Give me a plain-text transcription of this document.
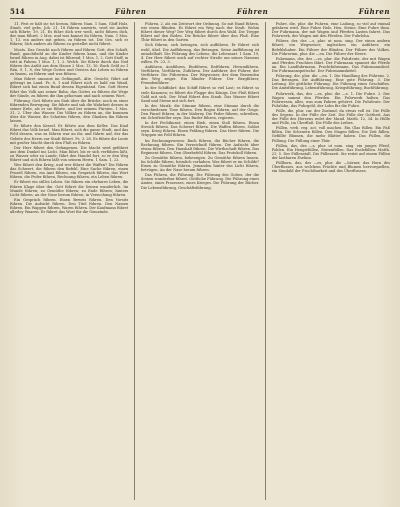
514	Führen	Führen	Führen

11. Fest er hält sie tot herum, führen Nam. 1 Sam. Gloff Holz, Staub, viel gebs. Joh. 21, 18 führen umwirts, wird sie Anden sich führte; 19, 21. Es führe dich wer weiß, nicht führen dich, der man führet. 2 Mos. und was kannst du führen, Nam. 1 Mos. 1, 13. ein anders mit gehen, zu führen tot. Die Ges. sich er führen; Sich anders als führen zu gestellet nicht führet.

Mosts. Das Gesicht nach führen und führen Gott, den Schaft, Bund, gauchtbeld an die Kinder führen kann, und die Kinder Israel führen in Aug. dabei ist führend; 1 Mos. 1, 2. Gott Stoff, in tritt in Fahren 1 Mos. 1, 1, 2. Welch. Sie führte durch das Ned führen des Antlit aus dem Hause 2 Mos. 13, 16. Buch Geld zu 1 Rön. 9, 1, 8, der Wege Gottes und Geistes das Leben zu führen zu bauen, zu führen und was führen.

Man führet umsonst im Gefängniß. Alte. Gesicht; führt auf gebeugt im Land. Ps. 8, 1 und führet nich es bald ein Wand, führet sich hat einen Bund dessen Eigenhänd. Gen. Gott Herrn führt das Volk aus seiner Bahn, das Gottes zu führen die Wege der Sünde, zu führen die ihm gehorsam und nach seinem Wort.

Führung. Gott führte am Stab über die Brücke, noch zu einer führenden Bewegung. Sie führte und sah die Wahrheit dessen in seiner Erde, als er sie führte, und bei seinem Fürsten. 1 Mos. 31, 2. Über das Wasser. Die Völker zu führen an, die kommen über die Wasser, die Schatten führen, den Glauben ihn führen lassen.

Er führte den Kessel. Er führte aus dem Keller. Das Kind führet das Volk Israel. Man führet, sich die ganze Stadt, und das Feld dessen, was zu führen war an ihr, und führte auf, der das Geleite des Herrn zur Stadt führet. Ps. 3. 28. Es führte die Leute mit großer Macht durch den Fluß zu führen.

Der Herr führet den Gefangenen. Die Macht wird geführet aus dem Dunkel ins Licht. Man führt, bis er sich verführen läßt, zu Wasser oder zu Lande; führt den Handel fort, so er den Weg führet und sich führen läßt von seinem Herrn. 1 Sam. 1, 22.

Wer führet den Krieg, und wer führet die Waffen? Die führen das Schwert, die führen den Befehl. Eine Sache führen, einen Prozeß führen, ein Amt führen, ein Gespräch führen, das Wort führen, die Feder führen, Rechnung führen, ein Leben führen.

Er führet ein stilles Leben. Sie führen ein ehrbares Leben, die führen Klage über ihn. Gott führet die Seinen wunderlich. Im Munde führen; zu Gemüthe führen; zu Ende führen; hinters Licht führen; an der Nase herum führen; in Versuchung führen.

Ein Gespräch führen. Einen Beweis führen. Den Vorsitz führen. Die Aufsicht führen. Den Titel führen. Den Namen führen. Ein Wappen führen. Waren führen. Der Kaufmann führet allerley Waaren. Er führet das Wort für die Gemeinde.

Führen, 2. als ein Zeitwort der Ordnung. So mit Hand führen, wie einen Blinden. Es führet ein Weg nach der Stadt. Wohin führet dieser Weg? Der Weg führet durch den Wald. Die Treppe führet auf den Boden. Die Brücke führet über den Fluß. Eine Thür führet in den Garten.

Sich führen; sich betragen, sich aufführen. Er führet sich wohl, übel. Die Aufführung, das Betragen. Seine Aufführung ist untadelhaft. Die Führung des Lebens, die Lebensart. 1 Sam. 19, 4. Der Herr führet mich auf rechter Straße um seines Namens willen. Ps. 23, 3.

Anführen, Ausführen, Einführen, Entführen, Herumführen, Verführen, Vorführen, Zuführen. Der Anführer, der Führer, der Verführer. Die Führerinn. Der Wegweiser, der dem Reisenden den Weg zeiget. Ein blinder Führer. Der Bergführer, Fremdenführer.

In der Schiffahrt: das Schiff führet so viel Last; es führet so viele Kanonen; es führet die Flagge des Königs. Der Fluß führet Gold mit sich. Der Wind führet den Staub. Das Wasser führet Sand und Steine mit sich fort.

In der Musik: die Stimme führen, eine Stimme durch die verschiedenen Töne führen. Den Bogen führen, auf der Geige. Den Pinsel führen, in der Malerey. Die Feder führen, schreiben, ein Schriftsteller seyn. Das Ruder führen, regieren.

In der Fechtkunst: einen Hieb, einen Stoß führen. Einen Streich führen. Das Schwert führen. Die Waffen führen, Soldat seyn. Krieg führen. Einen Feldzug führen. Das Heer führen. Die Truppen ins Feld führen.

Im Rechnungswesen: Buch führen, die Bücher führen, die Rechnung führen. Ein Verzeichniß führen. Die Aufsicht über etwas führen. Den Haushalt führen. Die Wirthschaft führen. Das Regiment führen. Den Oberbefehl führen. Das Protokoll führen.

Zu Gemüthe führen, beherzigen. Zu Gemüthe führen lassen. Im Schilde führen, heimlich vorhaben. Was führet er im Schilde? Einen zu Gemüthe führen. Jemanden hinter das Licht führen, betrügen. An der Nase herum führen.

Das Führen, die Führung. Die Führung des Gottes, der die Seinen wunderbar führet. Göttliche Führung. Die Führung eines Amtes, eines Prozesses, eines Krieges. Die Führung der Bücher. Die Lebensführung, Geschäftsführung.

Fuhre, die, plur. die Fuhren, eine Ladung, so viel auf einmal gefahren wird. Eine Fuhre Holz, Heu, Steine. Eine Fuhre thun. Der Fuhrmann, der mit Wagen und Pferden Lasten fahret. Das Fuhrwerk, der Wagen mit den Pferden. Der Fuhrlohn.

Führer, der, des —s, plur. ut nom. sing. Der einen andern führet, ein Wegweiser; ingleichen ein Anführer, ein Befehlshaber. Ein Führer der Blinden. Der Führer des Volkes. Die Führerinn, plur. die —en. Die Führer der Heere.

Fuhrmann, der, des —es, plur. die Fuhrleute, der mit Wagen und Pferden Frachten fährt. Der Fuhrmann spannet die Pferde an. Ein Landfuhrmann, Frachtfuhrmann. Das Fuhrmannslied. Die Fuhrmannspeitsche. Der Fuhrmannskittel.

Führung, die, plur. die —en. 1. Die Handlung des Führens. 2. Das Betragen, die Aufführung. Eine gute Führung. 3. Die Leitung. Die göttliche Führung. Die Führung eines Geschäftes. Die Amtsführung, Lebensführung, Kriegsführung, Buchführung.

Fuhrwerk, das, des —es, plur. die —e. 1. Die Fuhre. 2. Der Wagen sammt den Pferden. Ein Fuhrwerk halten. Das Fuhrwesen, alles, was zum Fahren gehöret. Die Fuhrleute. Der Fuhrlohn, das Fuhrgeld, der Lohn für die Fuhre.

Fülle, die, plur. car. der Zustand, da etwas voll ist. Die Fülle des Segens. In der Fülle der Zeit. Die Fülle der Gottheit. Aus der Fülle des Herzens redet der Mund. Matth. 12, 34. In Hülle und Fülle, im Überfluß. Die Fülle des Leibes.

Füllen, verb. reg. act. voll machen. Ein Glas füllen. Ein Faß füllen. Die Scheuern füllen. Den Magen füllen. Die Zeit füllen. Gefüllte Blumen, die mehr Blätter haben. Das Füllen, die Füllung. Die Füllung einer Thür.

Füllen, das, des —s, plur. ut nom. sing. ein junges Pferd, Fohlen. Ein Hengstfüllen, Stutenfüllen. Das Eselsfüllen. Matth. 21, 5. Der Füllenstall. Die Füllenzeit. Sie reitet auf einem Füllen der lastbaren Eselinn.

Füllhorn, das, des —es, plur. die —hörner, das Horn des Überflusses, aus welchem Früchte und Blumen hervorquellen, ein Sinnbild der Fruchtbarkeit und des Überflusses.
